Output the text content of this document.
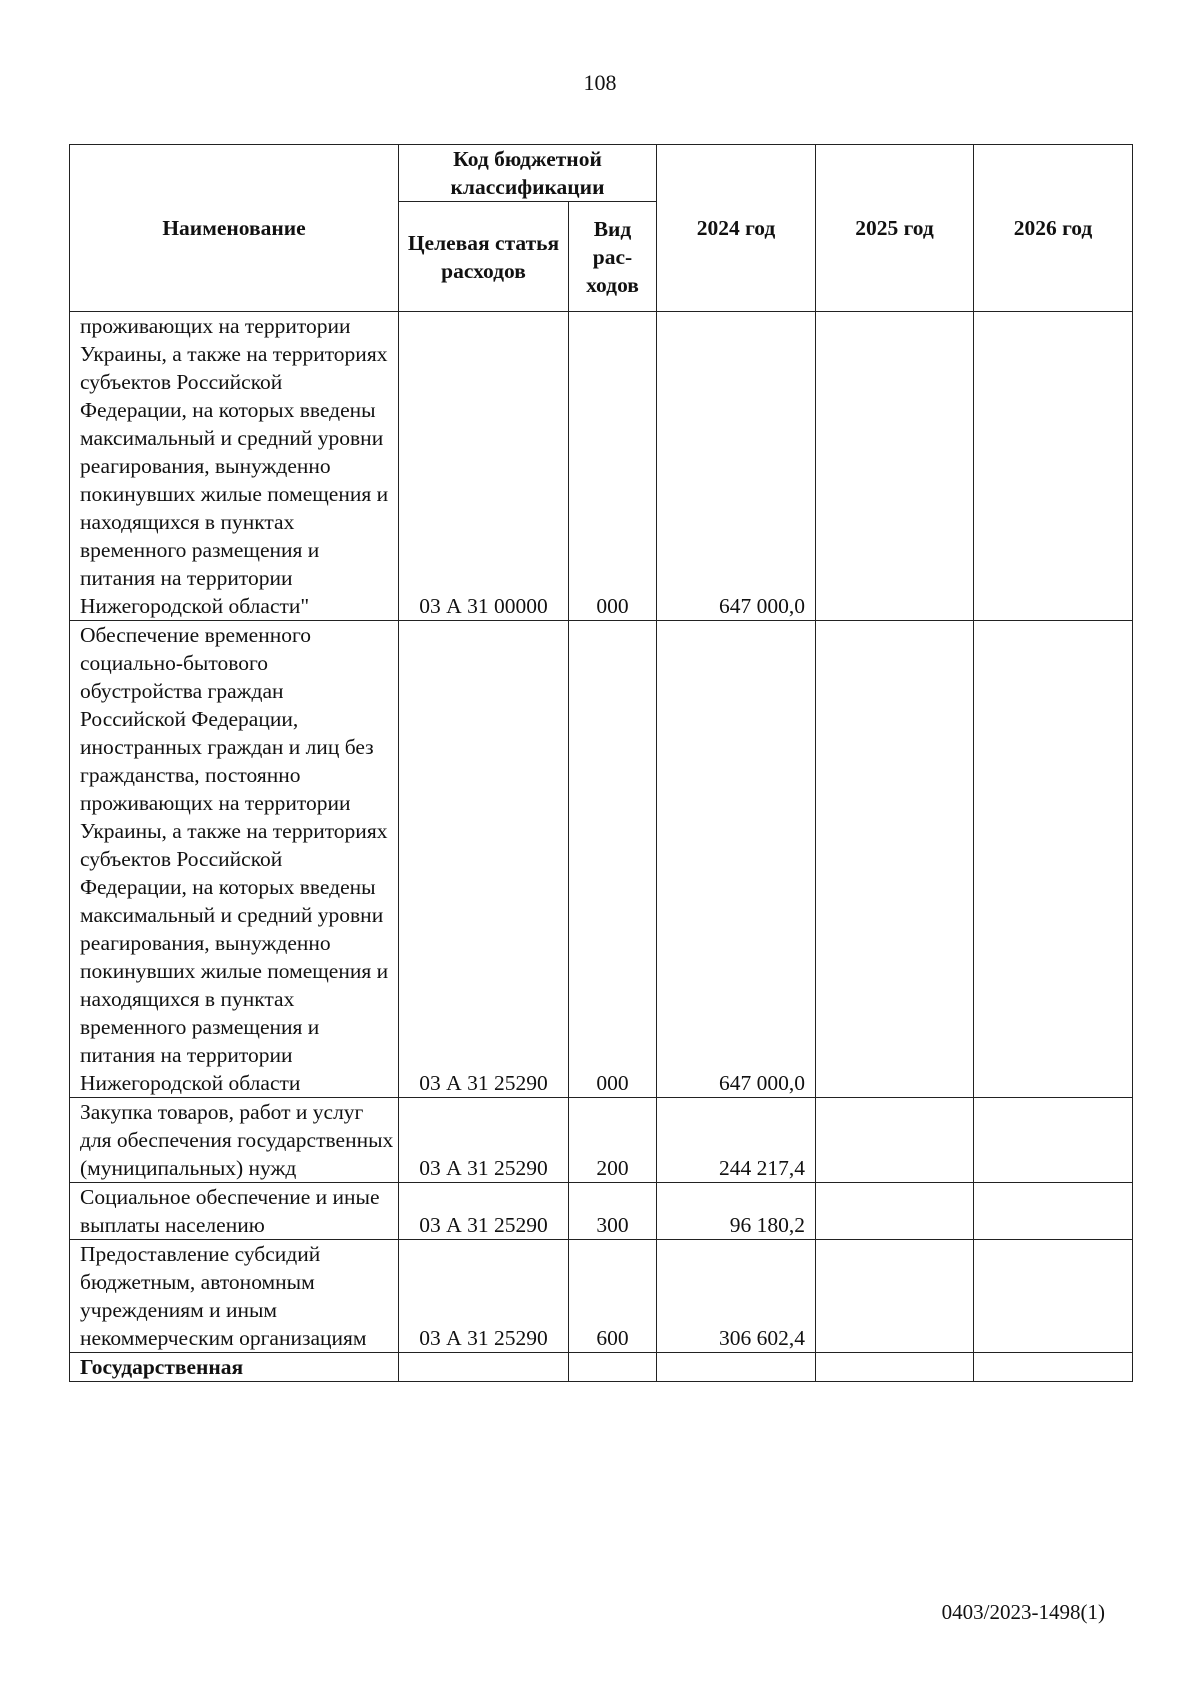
108
Наименование	Код бюджетной классификации		2024 год	2025 год	2026 год
	Целевая статья расходов	Вид рас-ходов			
проживающих на территории Украины, а также на территориях субъектов Российской Федерации, на которых введены максимальный и средний уровни реагирования, вынужденно покинувших жилые помещения и находящихся в пунктах временного размещения и питания на территории Нижегородской области"	03 А 31 00000	000	647 000,0		
Обеспечение временного социально-бытового обустройства граждан Российской Федерации, иностранных граждан и лиц без гражданства, постоянно проживающих на территории Украины, а также на территориях субъектов Российской Федерации, на которых введены максимальный и средний уровни реагирования, вынужденно покинувших жилые помещения и находящихся в пунктах временного размещения и питания на территории Нижегородской области	03 А 31 25290	000	647 000,0		
Закупка товаров, работ и услуг для обеспечения государственных (муниципальных) нужд	03 А 31 25290	200	244 217,4		
Социальное обеспечение и иные выплаты населению	03 А 31 25290	300	96 180,2		
Предоставление субсидий бюджетным, автономным учреждениям и иным некоммерческим организациям	03 А 31 25290	600	306 602,4		
Государственная					
0403/2023-1498(1)
